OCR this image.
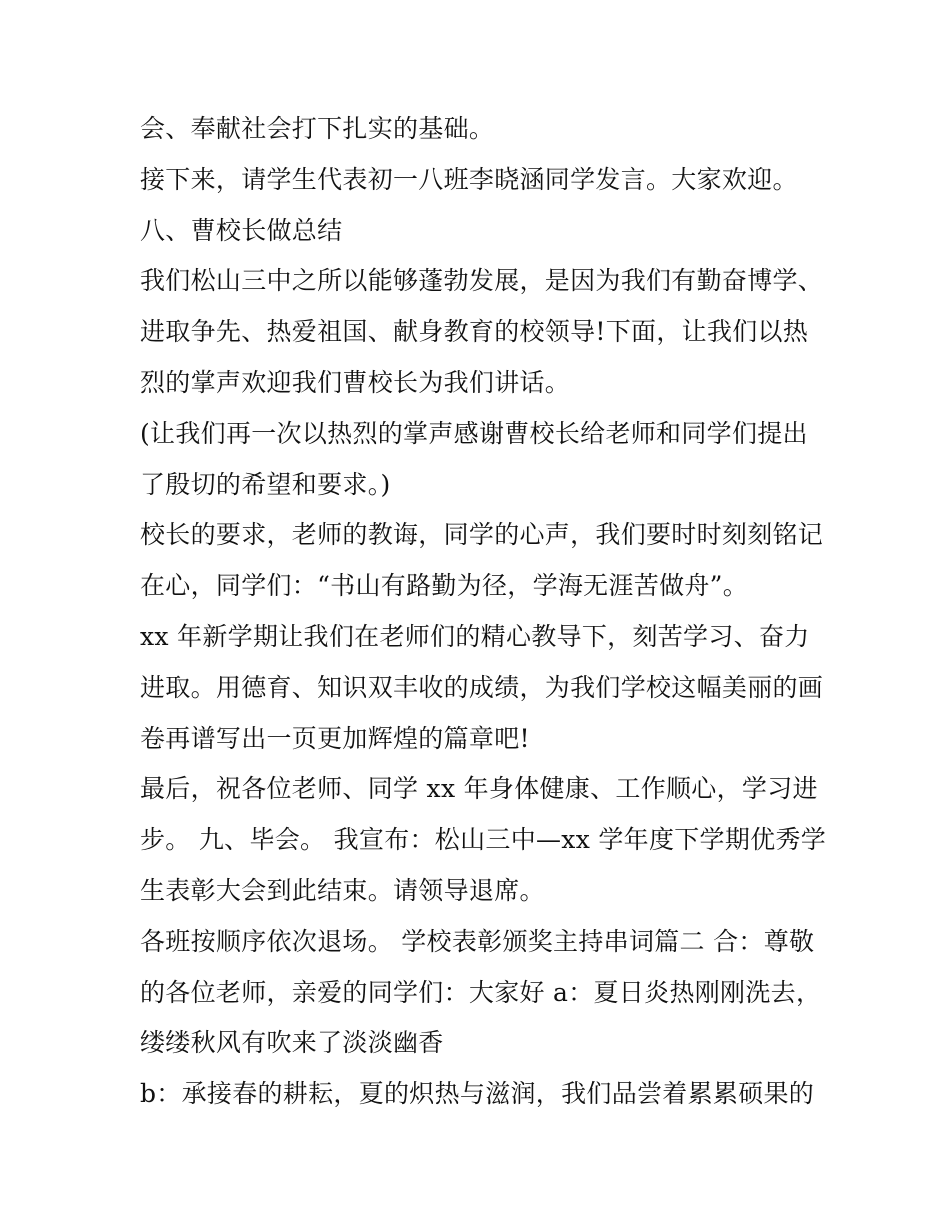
会、奉献社会打下扎实的基础。
接下来，请学生代表初一八班李晓涵同学发言。大家欢迎。
八、曹校长做总结
我们松山三中之所以能够蓬勃发展，是因为我们有勤奋博学、
进取争先、热爱祖国、献身教育的校领导!下面，让我们以热
烈的掌声欢迎我们曹校长为我们讲话。
(让我们再一次以热烈的掌声感谢曹校长给老师和同学们提出
了殷切的希望和要求。)
校长的要求，老师的教诲，同学的心声，我们要时时刻刻铭记
在心，同学们：“书山有路勤为径，学海无涯苦做舟”。
xx 年新学期让我们在老师们的精心教导下，刻苦学习、奋力
进取。用德育、知识双丰收的成绩，为我们学校这幅美丽的画
卷再谱写出一页更加辉煌的篇章吧!
最后，祝各位老师、同学 xx 年身体健康、工作顺心，学习进
步。 九、毕会。 我宣布：松山三中—xx 学年度下学期优秀学
生表彰大会到此结束。请领导退席。
各班按顺序依次退场。 学校表彰颁奖主持串词篇二 合：尊敬
的各位老师，亲爱的同学们：大家好 a：夏日炎热刚刚洗去，
缕缕秋风有吹来了淡淡幽香
b：承接春的耕耘，夏的炽热与滋润，我们品尝着累累硕果的
